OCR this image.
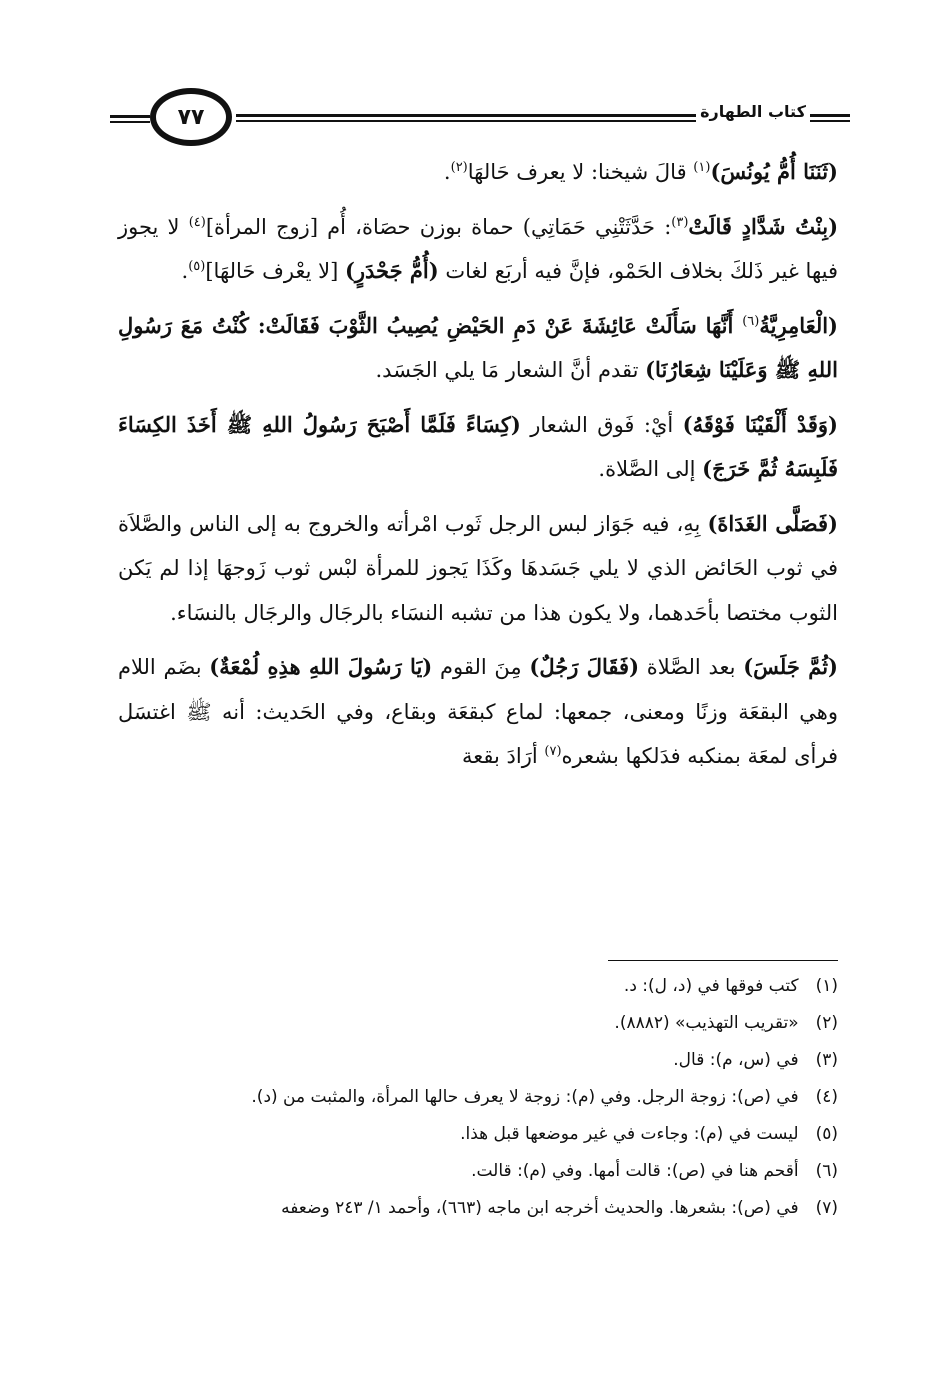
٧٧	كتاب الطهارة

(ثَنَنَا أُمُّ يُونُسَ)$^{(١)}$ قالَ شيخنا: لا يعرف حَالهَا$^{(٢)}$.

(بِنْتُ شَدَّادٍ قَالَتْ$^{(٣)}$: حَدَّثَتْنِي حَمَاتِي) حماة بوزن حصَاة، أُم [زوج المرأة]$^{(٤)}$ لا يجوز فيها غير ذَلكَ بخلاف الحَمْو، فإنَّ فيه أربَع لغات (أُمُّ جَحْدَرٍ) [لا يعْرف حَالهَا]$^{(٥)}$.

(الْعَامِرِيَّةُ$^{(٦)}$ أَنَّهَا سَأَلَتْ عَائِشَةَ عَنْ دَمِ الحَيْضِ يُصِيبُ الثَّوْبَ فَقَالَتْ: كُنْتُ مَعَ رَسُولِ اللهِ ﷺ وَعَلَيْنَا شِعَارُنَا) تقدم أنَّ الشعار مَا يلي الجَسَد.

(وَقَدْ أَلْقَيْنَا فَوْقَهُ) أيْ: فَوق الشعار (كِسَاءً فَلَمَّا أَصْبَحَ رَسُولُ اللهِ ﷺ أَخَذَ الكِسَاءَ فَلَبِسَهُ ثُمَّ خَرَجَ) إلى الصَّلاة.

(فَصَلَّى الغَدَاةَ) بِهِ، فيه جَوَاز لبس الرجل ثَوب امْرأته والخروج به إلى الناس والصَّلاَة في ثوب الحَائض الذي لا يلي جَسَدهَا وكَذَا يَجوز للمرأة لبْس ثوب زَوجهَا إذا لم يَكن الثوب مختصا بأحَدهما، ولا يكون هذا من تشبه النسَاء بالرجَال والرجَال بالنسَاء.

(ثُمَّ جَلَسَ) بعد الصَّلاة (فَقَالَ رَجُلٌ) مِنَ القوم (يَا رَسُولَ اللهِ هذِهِ لُمْعَةٌ) بضَم اللام وهي البقعَة وزنًا ومعنى، جمعها: لماع كبقعَة وبقاع، وفي الحَديث: أنه ﷺ اغتسَل فرأى لمعَة بمنكبه فدَلكها بشعره$^{(٧)}$ أرَادَ بقعة

(١) كتب فوقها في (د، ل): د.
(٢) «تقريب التهذيب» (٨٨٨٢).
(٣) في (س، م): قال.
(٤) في (ص): زوجة الرجل. وفي (م): زوجة لا يعرف حالها المرأة، والمثبت من (د).
(٥) ليست في (م): وجاءت في غير موضعها قبل هذا.
(٦) أقحم هنا في (ص): قالت أمها. وفي (م): قالت.
(٧) في (ص): بشعرها. والحديث أخرجه ابن ماجه (٦٦٣)، وأحمد ١/ ٢٤٣ وضعفه
